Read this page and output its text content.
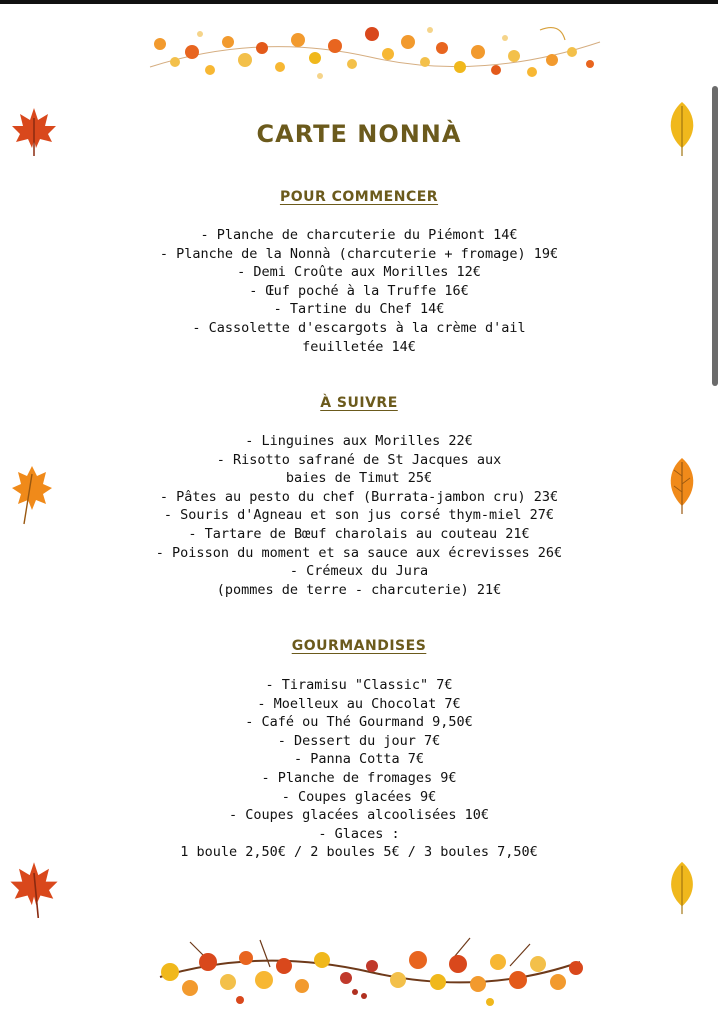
CARTE NONNÀ
POUR COMMENCER
- Planche de charcuterie du Piémont 14€
- Planche de la Nonnà (charcuterie + fromage) 19€
- Demi Croûte aux Morilles 12€
- Œuf poché à la Truffe 16€
- Tartine du Chef 14€
- Cassolette d'escargots à la crème d'ail
feuilletée 14€
À SUIVRE
- Linguines aux Morilles 22€
- Risotto safrané de St Jacques aux
baies de Timut 25€
- Pâtes au pesto du chef (Burrata-jambon cru) 23€
- Souris d'Agneau et son jus corsé thym-miel 27€
- Tartare de Bœuf charolais au couteau 21€
- Poisson du moment et sa sauce aux écrevisses 26€
- Crémeux du Jura
(pommes de terre - charcuterie) 21€
GOURMANDISES
- Tiramisu "Classic" 7€
- Moelleux au Chocolat 7€
- Café ou Thé Gourmand 9,50€
- Dessert du jour 7€
- Panna Cotta 7€
- Planche de fromages 9€
- Coupes glacées 9€
- Coupes glacées alcoolisées 10€
- Glaces :
1 boule 2,50€ / 2 boules 5€ / 3 boules 7,50€
